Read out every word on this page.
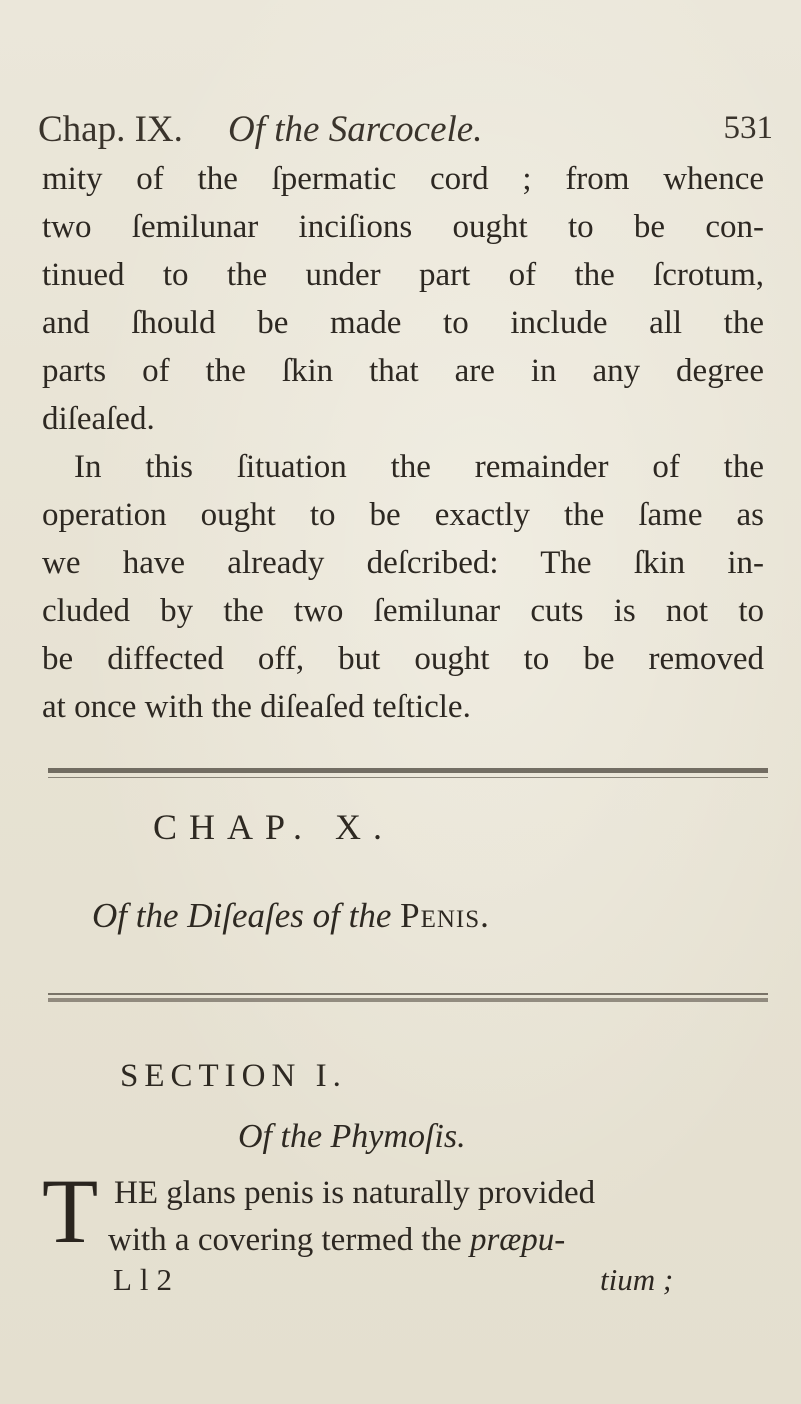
Chap. IX. Of the Sarcocele.	531
mity of the ſpermatic cord ; from whence
two ſemilunar inciſions ought to be con-
tinued to the under part of the ſcrotum,
and ſhould be made to include all the
parts of the ſkin that are in any degree
diſeaſed.
In this ſituation the remainder of the
operation ought to be exactly the ſame as
we have already deſcribed: The ſkin in-
cluded by the two ſemilunar cuts is not to
be diffected off, but ought to be removed
at once with the diſeaſed teſticle.
CHAP. X.
Of the Diſeaſes of the Penis.
SECTION I.
Of the Phymoſis.
T HE glans penis is naturally provided
with a covering termed the præpu-
Ll2	tium ;
